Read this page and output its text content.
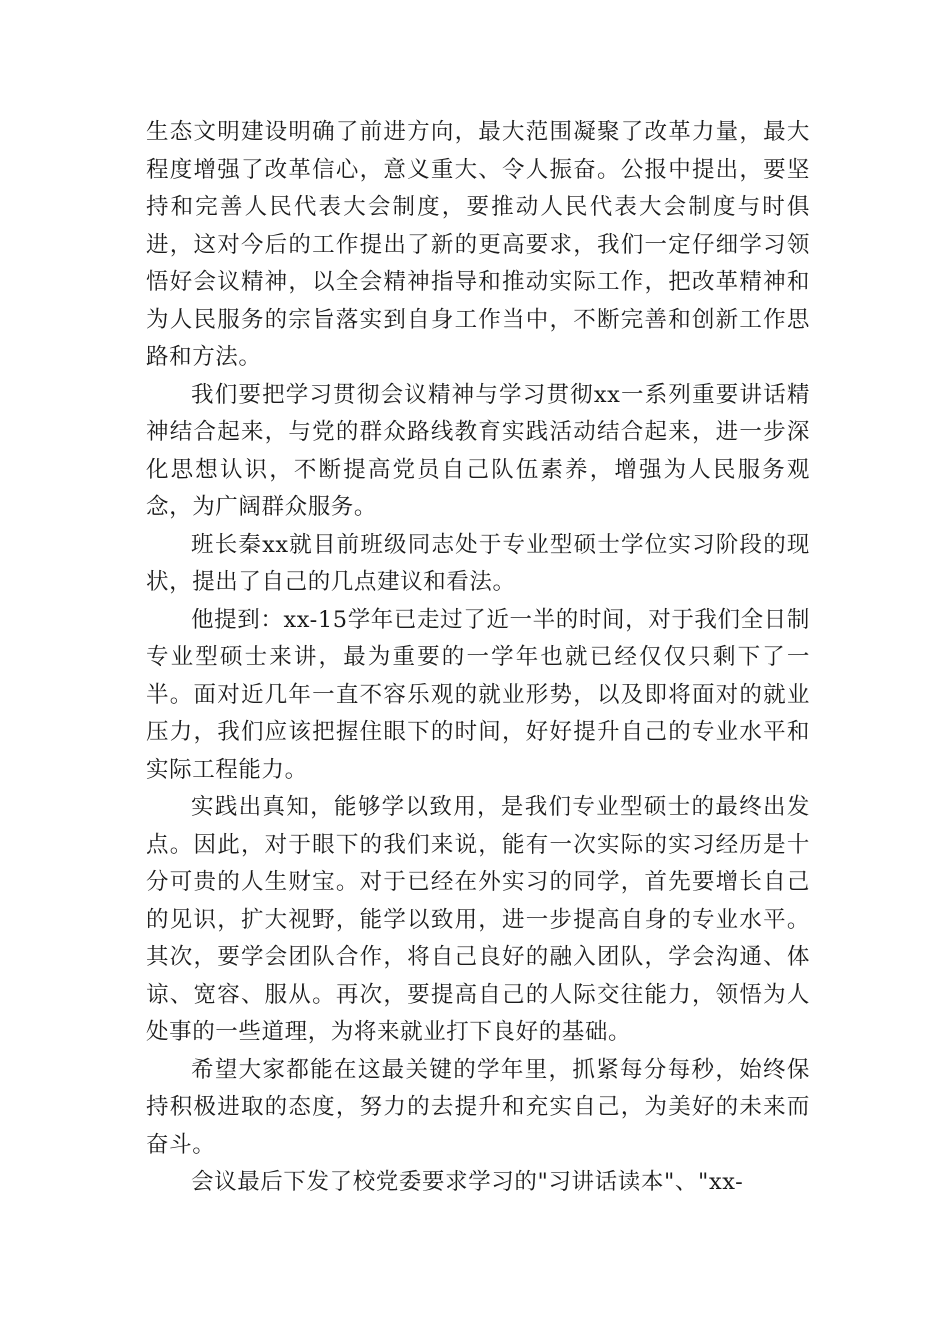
生态文明建设明确了前进方向，最大范围凝聚了改革力量，最大程度增强了改革信心，意义重大、令人振奋。公报中提出，要坚持和完善人民代表大会制度，要推动人民代表大会制度与时俱进，这对今后的工作提出了新的更高要求，我们一定仔细学习领悟好会议精神，以全会精神指导和推动实际工作，把改革精神和为人民服务的宗旨落实到自身工作当中，不断完善和创新工作思路和方法。

我们要把学习贯彻会议精神与学习贯彻xx一系列重要讲话精神结合起来，与党的群众路线教育实践活动结合起来，进一步深化思想认识，不断提高党员自己队伍素养，增强为人民服务观念，为广阔群众服务。

班长秦xx就目前班级同志处于专业型硕士学位实习阶段的现状，提出了自己的几点建议和看法。

他提到：xx-15学年已走过了近一半的时间，对于我们全日制专业型硕士来讲，最为重要的一学年也就已经仅仅只剩下了一半。面对近几年一直不容乐观的就业形势，以及即将面对的就业压力，我们应该把握住眼下的时间，好好提升自己的专业水平和实际工程能力。

实践出真知，能够学以致用，是我们专业型硕士的最终出发点。因此，对于眼下的我们来说，能有一次实际的实习经历是十分可贵的人生财宝。对于已经在外实习的同学，首先要增长自己的见识，扩大视野，能学以致用，进一步提高自身的专业水平。其次，要学会团队合作，将自己良好的融入团队，学会沟通、体谅、宽容、服从。再次，要提高自己的人际交往能力，领悟为人处事的一些道理，为将来就业打下良好的基础。

希望大家都能在这最关键的学年里，抓紧每分每秒，始终保持积极进取的态度，努力的去提升和充实自己，为美好的未来而奋斗。

会议最后下发了校党委要求学习的"习讲话读本"、"xx-
